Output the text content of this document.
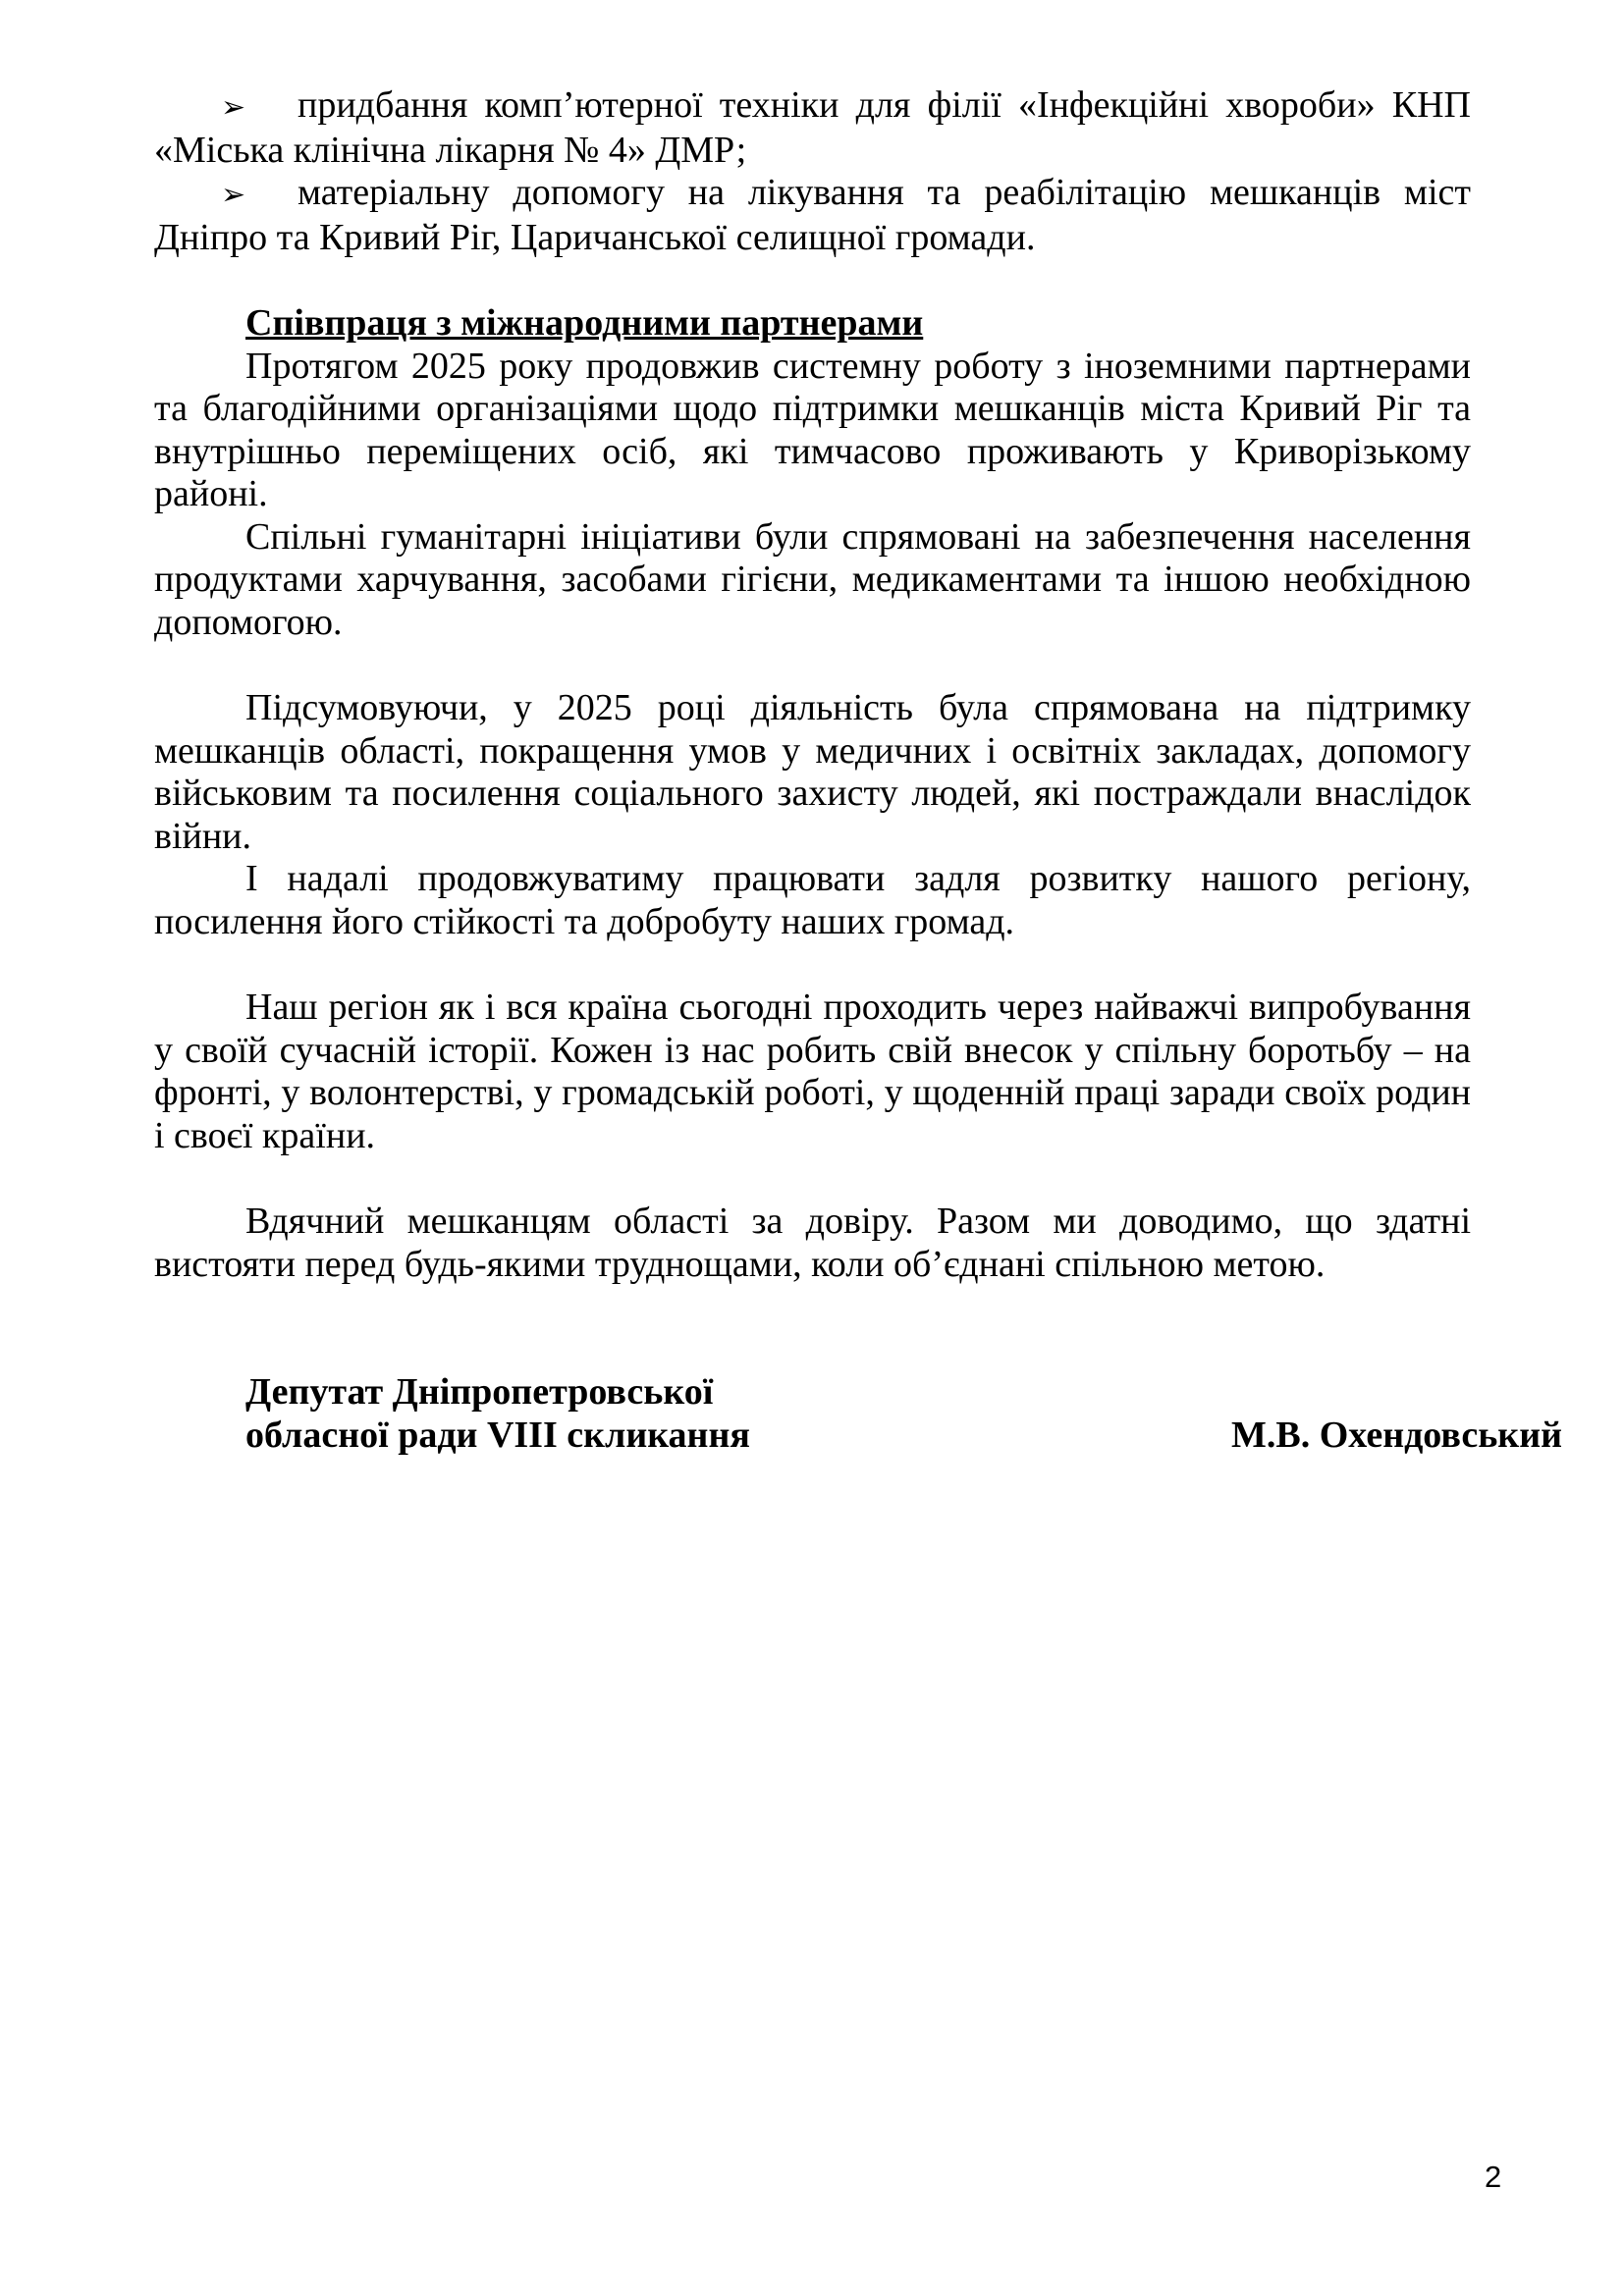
➢ придбання комп’ютерної техніки для філії «Інфекційні хвороби» КНП «Міська клінічна лікарня № 4» ДМР;

➢ матеріальну допомогу на лікування та реабілітацію мешканців міст Дніпро та Кривий Ріг, Царичанської селищної громади.

Співпраця з міжнародними партнерами

Протягом 2025 року продовжив системну роботу з іноземними партнерами та благодійними організаціями щодо підтримки мешканців міста Кривий Ріг та внутрішньо переміщених осіб, які тимчасово проживають у Криворізькому районі.

Спільні гуманітарні ініціативи були спрямовані на забезпечення населення продуктами харчування, засобами гігієни, медикаментами та іншою необхідною допомогою.

Підсумовуючи, у 2025 році діяльність була спрямована на підтримку мешканців області, покращення умов у медичних і освітніх закладах, допомогу військовим та посилення соціального захисту людей, які постраждали внаслідок війни.

І надалі продовжуватиму працювати задля розвитку нашого регіону, посилення його стійкості та добробуту наших громад.

Наш регіон як і вся країна сьогодні проходить через найважчі випробування у своїй сучасній історії. Кожен із нас робить свій внесок у спільну боротьбу – на фронті, у волонтерстві, у громадській роботі, у щоденній праці заради своїх родин і своєї країни.

Вдячний мешканцям області за довіру. Разом ми доводимо, що здатні вистояти перед будь-якими труднощами, коли об’єднані спільною метою.

Депутат Дніпропетровської

обласної ради VIII скликання	М.В. Охендовський
2
